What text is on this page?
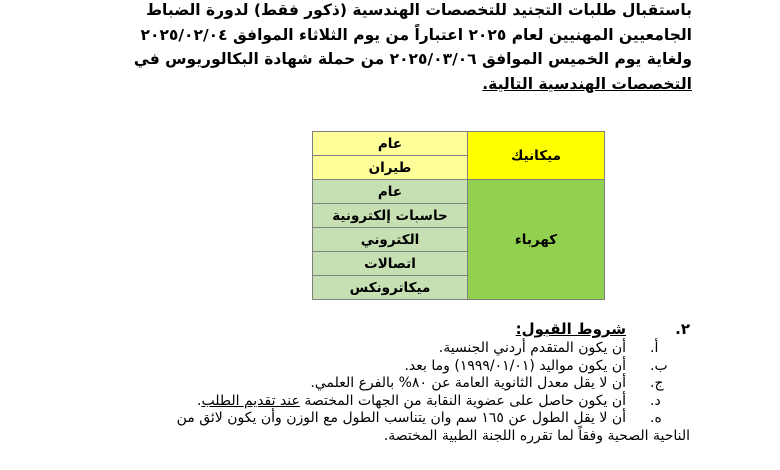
باستقبال طلبات التجنيد للتخصصات الهندسية (ذكور فقط) لدورة الضباط
الجامعيين المهنيين لعام ٢٠٢٥ اعتباراً من يوم الثلاثاء الموافق ٢٠٢٥/٠٢/٠٤
ولغاية يوم الخميس الموافق ٢٠٢٥/٠٣/٠٦ من حملة شهادة البكالوريوس في
التخصصات الهندسية التالية.
ميكانيك	عام
	طيران
كهرباء	عام
	حاسبات إلكترونية
	الكتروني
	اتصالات
	ميكاترونكس
٢.
شروط القبول:
أ.
أن يكون المتقدم أردني الجنسية.
ب.
أن يكون مواليد (١٩٩٩/٠١/٠١) وما بعد.
ج.
أن لا يقل معدل الثانوية العامة عن ٨٠% بالفرع العلمي.
د.
أن يكون حاصل على عضوية النقابة من الجهات المختصة عند تقديم الطلب.
ه.
أن لا يقل الطول عن ١٦٥ سم وان يتناسب الطول مع الوزن وأن يكون لائق من
الناحية الصحية وفقاً لما تقرره اللجنة الطبية المختصة.
